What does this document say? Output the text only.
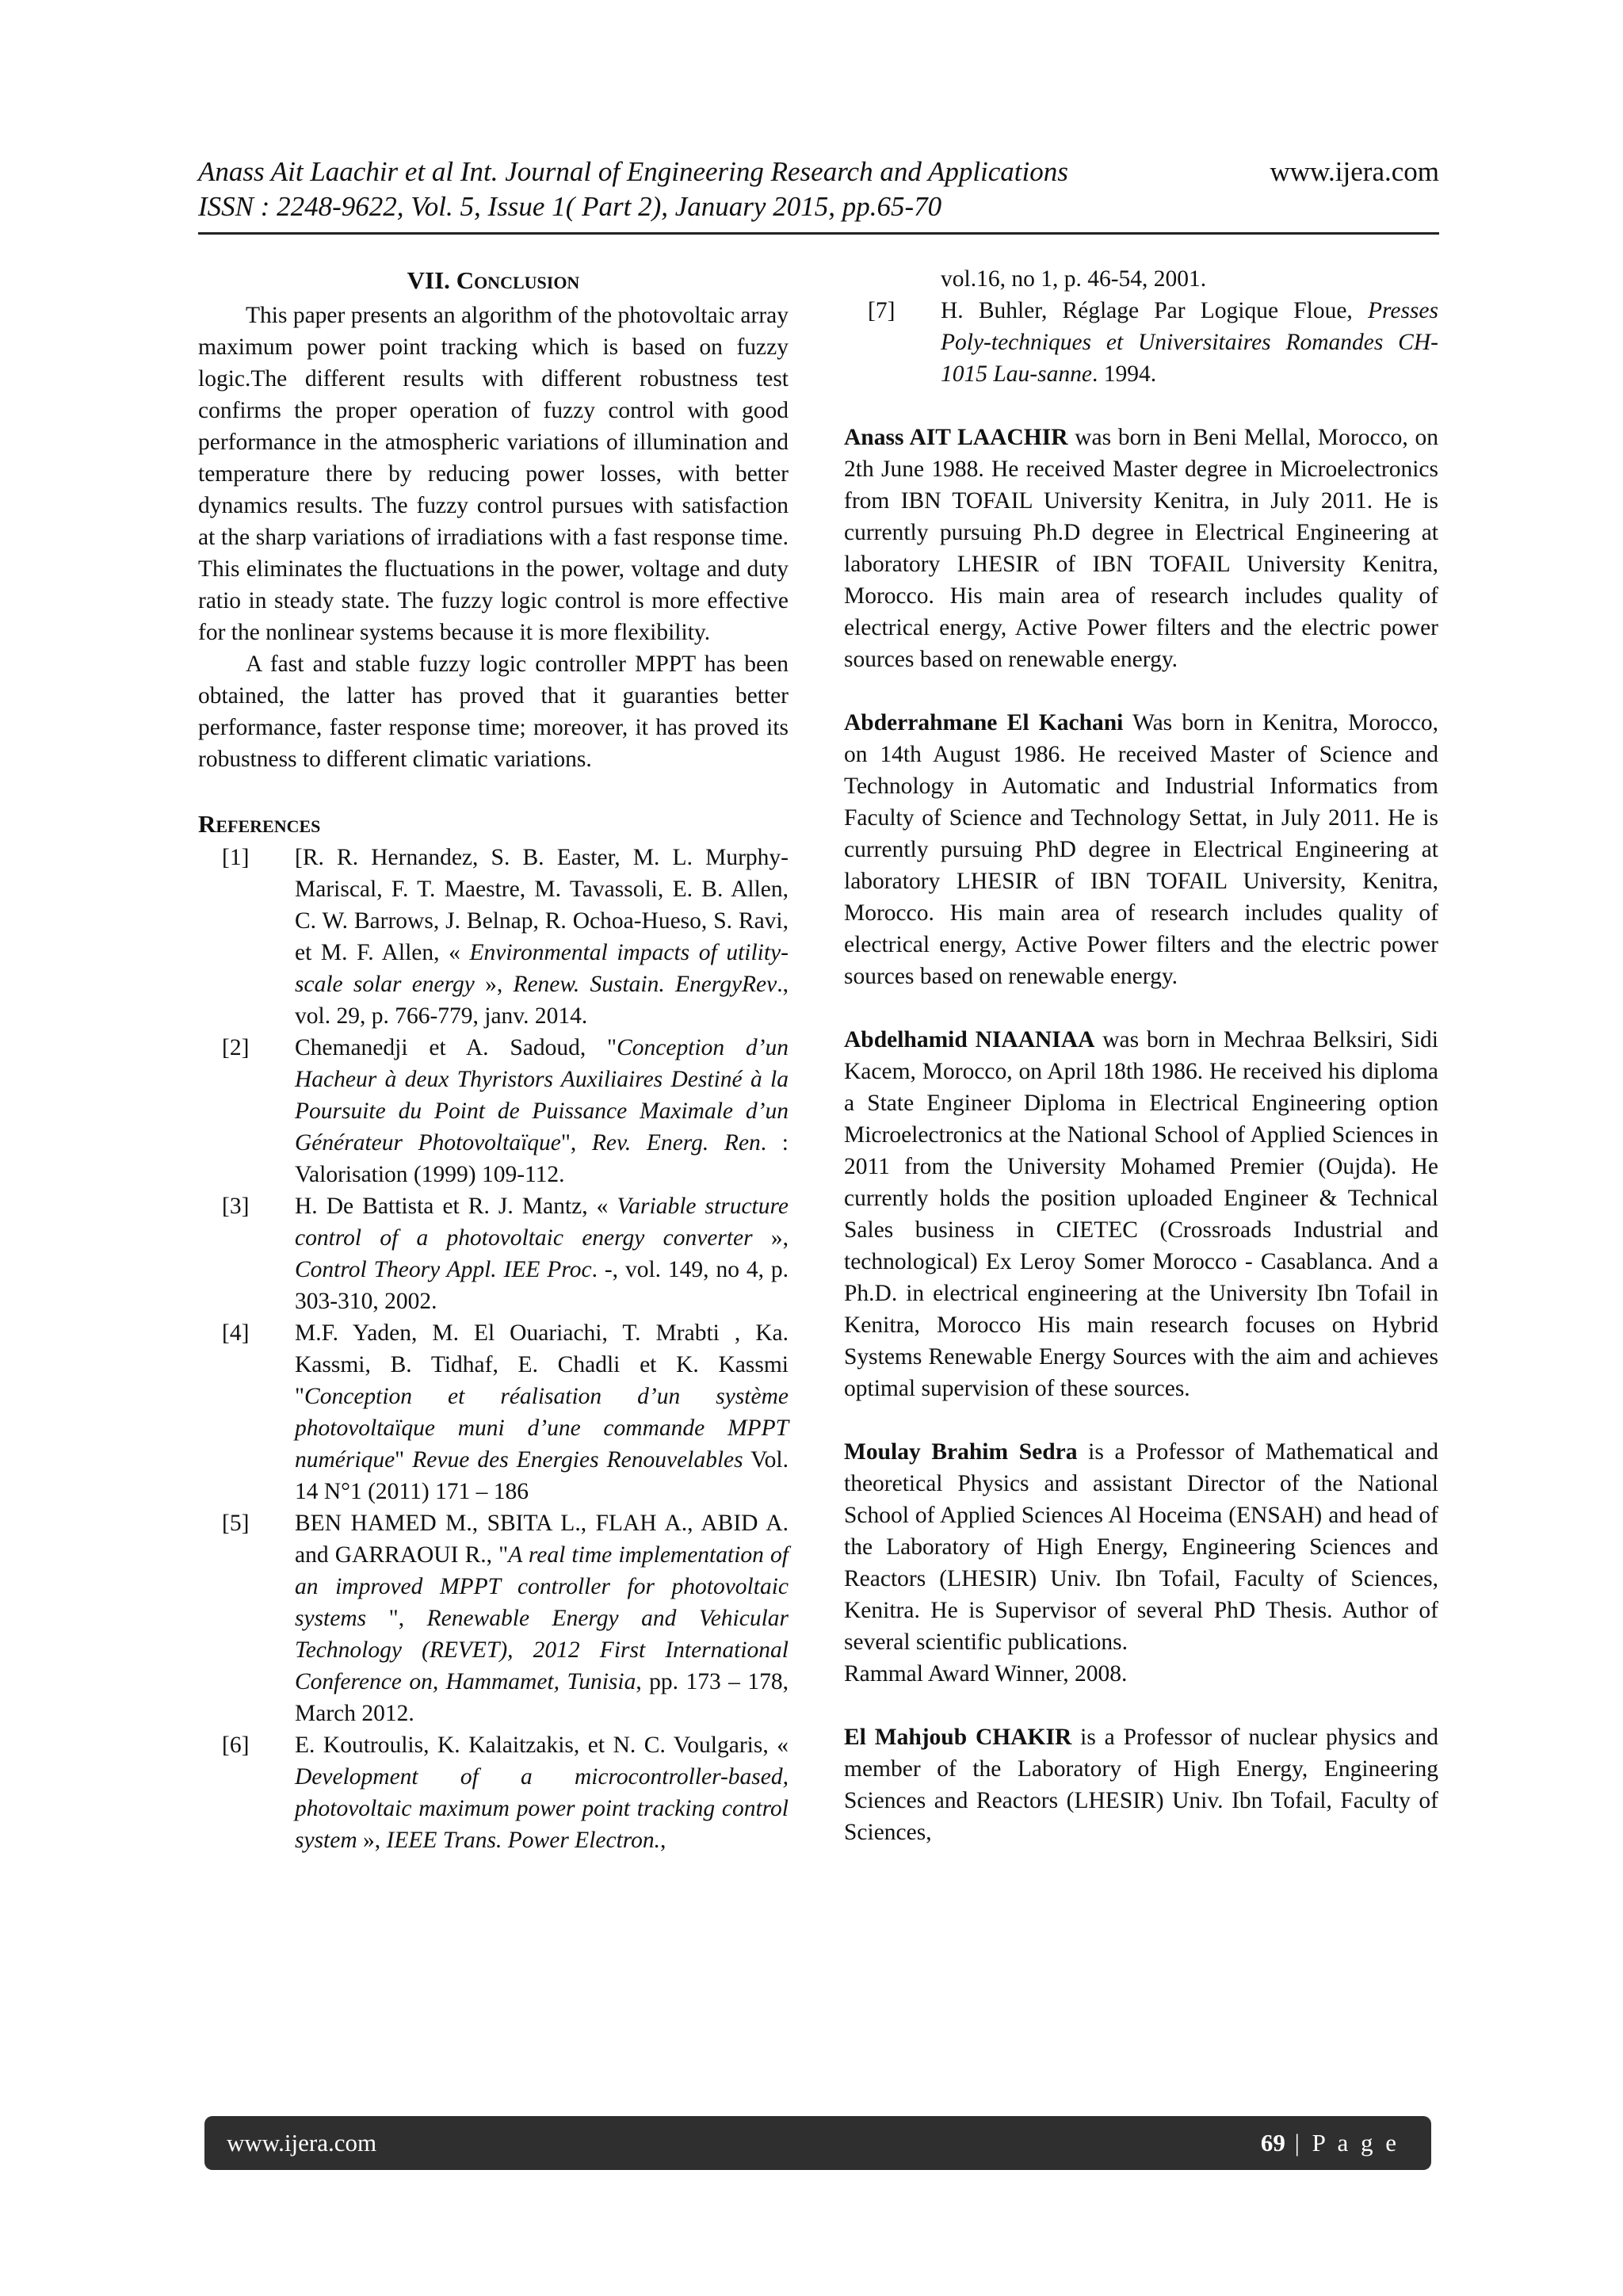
Anass Ait Laachir et al Int. Journal of Engineering Research and Applications	www.ijera.com
ISSN : 2248-9622, Vol. 5, Issue 1( Part 2), January 2015, pp.65-70
VII. Conclusion

This paper presents an algorithm of the photovoltaic array maximum power point tracking which is based on fuzzy logic.The different results with different robustness test confirms the proper operation of fuzzy control with good performance in the atmospheric variations of illumination and temperature there by reducing power losses, with better dynamics results. The fuzzy control pursues with satisfaction at the sharp variations of irradiations with a fast response time. This eliminates the fluctuations in the power, voltage and duty ratio in steady state. The fuzzy logic control is more effective for the nonlinear systems because it is more flexibility.

A fast and stable fuzzy logic controller MPPT has been obtained, the latter has proved that it guaranties better performance, faster response time; moreover, it has proved its robustness to different climatic variations.

References
[1]	[R. R. Hernandez, S. B. Easter, M. L. Murphy- Mariscal, F. T. Maestre, M. Tavassoli, E. B. Allen, C. W. Barrows, J. Belnap, R. Ochoa-Hueso, S. Ravi, et M. F. Allen, « Environmental impacts of utility-scale solar energy », Renew. Sustain. EnergyRev., vol. 29, p. 766‑779, janv. 2014.
[2]	Chemanedji et A. Sadoud, "Conception d’un Hacheur à deux Thyristors Auxiliaires Destiné à la Poursuite du Point de Puissance Maximale d’un Générateur Photovoltaïque", Rev. Energ. Ren. : Valorisation (1999) 109-112.
[3]	H. De Battista et R. J. Mantz, « Variable structure control of a photovoltaic energy converter », Control Theory Appl. IEE Proc. -, vol. 149, no 4, p. 303‑310, 2002.
[4]	M.F. Yaden, M. El Ouariachi, T. Mrabti , Ka. Kassmi, B. Tidhaf, E. Chadli et K. Kassmi "Conception et réalisation d’un système photovoltaïque muni d’une commande MPPT numérique" Revue des Energies Renouvelables Vol. 14 N°1 (2011) 171 – 186
[5]	BEN HAMED M., SBITA L., FLAH A., ABID A. and GARRAOUI R., "A real time implementation of an improved MPPT controller for photovoltaic systems ", Renewable Energy and Vehicular Technology (REVET), 2012 First International Conference on, Hammamet, Tunisia, pp. 173 – 178, March 2012.
[6]	E. Koutroulis, K. Kalaitzakis, et N. C. Voulgaris, « Development of a microcontroller-based, photovoltaic maximum power point tracking control system », IEEE Trans. Power Electron.,
vol.16, no 1, p. 46‑54, 2001.
[7]	H. Buhler, Réglage Par Logique Floue, Presses Poly-techniques et Universitaires Romandes CH-1015 Lau-sanne. 1994.

Anass AIT LAACHIR was born in Beni Mellal, Morocco, on 2th June 1988. He received Master degree in Microelectronics from IBN TOFAIL University Kenitra, in July 2011. He is currently pursuing Ph.D degree in Electrical Engineering at laboratory LHESIR of IBN TOFAIL University Kenitra, Morocco. His main area of research includes quality of electrical energy, Active Power filters and the electric power sources based on renewable energy.

Abderrahmane El Kachani Was born in Kenitra, Morocco, on 14th August 1986. He received Master of Science and Technology in Automatic and Industrial Informatics from Faculty of Science and Technology Settat, in July 2011. He is currently pursuing PhD degree in Electrical Engineering at laboratory LHESIR of IBN TOFAIL University, Kenitra, Morocco. His main area of research includes quality of electrical energy, Active Power filters and the electric power sources based on renewable energy.

Abdelhamid NIAANIAA was born in Mechraa Belksiri, Sidi Kacem, Morocco, on April 18th 1986. He received his diploma a State Engineer Diploma in Electrical Engineering option Microelectronics at the National School of Applied Sciences in 2011 from the University Mohamed Premier (Oujda). He currently holds the position uploaded Engineer & Technical Sales business in CIETEC (Crossroads Industrial and technological) Ex Leroy Somer Morocco - Casablanca. And a Ph.D. in electrical engineering at the University Ibn Tofail in Kenitra, Morocco His main research focuses on Hybrid Systems Renewable Energy Sources with the aim and achieves optimal supervision of these sources.

Moulay Brahim Sedra is a Professor of Mathematical and theoretical Physics and assistant Director of the National School of Applied Sciences Al Hoceima (ENSAH) and head of the Laboratory of High Energy, Engineering Sciences and Reactors (LHESIR) Univ. Ibn Tofail, Faculty of Sciences, Kenitra. He is Supervisor of several PhD Thesis. Author of several scientific publications.

Rammal Award Winner, 2008.

El Mahjoub CHAKIR is a Professor of nuclear physics and member of the Laboratory of High Energy, Engineering Sciences and Reactors (LHESIR) Univ. Ibn Tofail, Faculty of Sciences,

www.ijera.com	69 | P a g e
